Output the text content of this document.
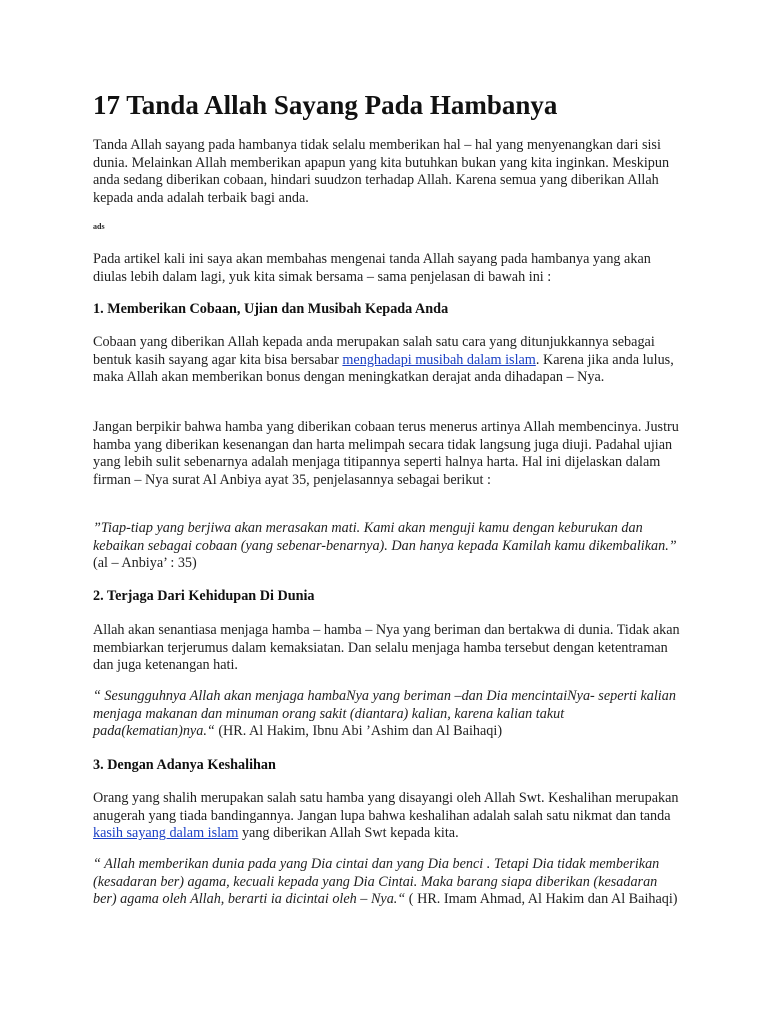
17 Tanda Allah Sayang Pada Hambanya

Tanda Allah sayang pada hambanya tidak selalu memberikan hal – hal yang menyenangkan dari sisi dunia. Melainkan Allah memberikan apapun yang kita butuhkan bukan yang kita inginkan. Meskipun anda sedang diberikan cobaan, hindari suudzon terhadap Allah. Karena semua yang diberikan Allah kepada anda adalah terbaik bagi anda.

ads

Pada artikel kali ini saya akan membahas mengenai tanda Allah sayang pada hambanya yang akan diulas lebih dalam lagi, yuk kita simak bersama – sama penjelasan di bawah ini :

1. Memberikan Cobaan, Ujian dan Musibah Kepada Anda

Cobaan yang diberikan Allah kepada anda merupakan salah satu cara yang ditunjukkannya sebagai bentuk kasih sayang agar kita bisa bersabar menghadapi musibah dalam islam. Karena jika anda lulus, maka Allah akan memberikan bonus dengan meningkatkan derajat anda dihadapan – Nya.

Jangan berpikir bahwa hamba yang diberikan cobaan terus menerus artinya Allah membencinya. Justru hamba yang diberikan kesenangan dan harta melimpah secara tidak langsung juga diuji. Padahal ujian yang lebih sulit sebenarnya adalah menjaga titipannya seperti halnya harta. Hal ini dijelaskan dalam firman – Nya surat Al Anbiya ayat 35, penjelasannya sebagai berikut :

”Tiap-tiap yang berjiwa akan merasakan mati. Kami akan menguji kamu dengan keburukan dan kebaikan sebagai cobaan (yang sebenar-benarnya). Dan hanya kepada Kamilah kamu dikembalikan.” (al – Anbiya’ : 35)

2. Terjaga Dari Kehidupan Di Dunia

Allah akan senantiasa menjaga hamba – hamba – Nya yang beriman dan bertakwa di dunia. Tidak akan membiarkan terjerumus dalam kemaksiatan. Dan selalu menjaga hamba tersebut dengan ketentraman dan juga ketenangan hati.

“ Sesungguhnya Allah akan menjaga hambaNya yang beriman –dan Dia mencintaiNya- seperti kalian menjaga makanan dan minuman orang sakit (diantara) kalian, karena kalian takut pada(kematian)nya.“ (HR. Al Hakim, Ibnu Abi ’Ashim dan Al Baihaqi)

3. Dengan Adanya Keshalihan

Orang yang shalih merupakan salah satu hamba yang disayangi oleh Allah Swt. Keshalihan merupakan anugerah yang tiada bandingannya. Jangan lupa bahwa keshalihan adalah salah satu nikmat dan tanda kasih sayang dalam islam yang diberikan Allah Swt kepada kita.

“ Allah memberikan dunia pada yang Dia cintai dan yang Dia benci . Tetapi Dia tidak memberikan (kesadaran ber) agama, kecuali kepada yang Dia Cintai. Maka barang siapa diberikan (kesadaran ber) agama oleh Allah, berarti ia dicintai oleh – Nya.“ ( HR. Imam Ahmad, Al Hakim dan Al Baihaqi)
